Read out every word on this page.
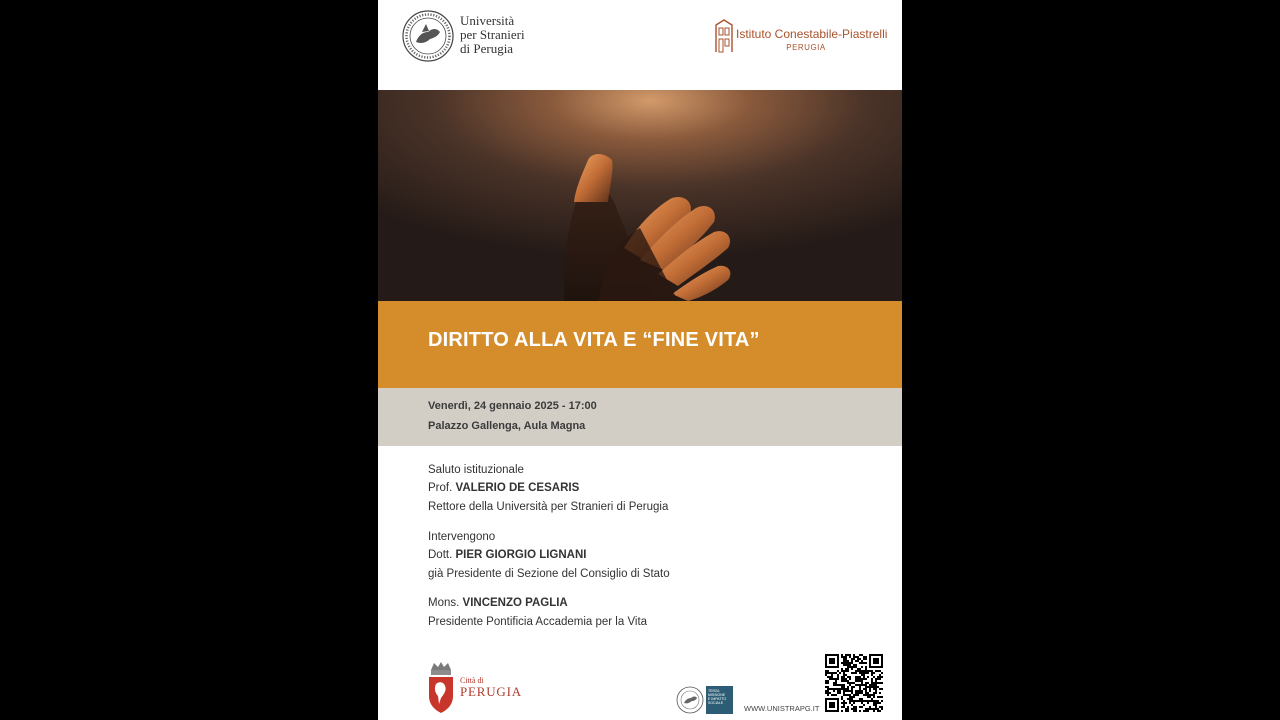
Università
per Stranieri
di Perugia
Istituto Conestabile-Piastrelli
PERUGIA
DIRITTO ALLA VITA E “FINE VITA”
Venerdì, 24 gennaio 2025 - 17:00
Palazzo Gallenga, Aula Magna
Saluto istituzionale
Prof. VALERIO DE CESARIS
Rettore della Università per Stranieri di Perugia
Intervengono
Dott. PIER GIORGIO LIGNANI
già Presidente di Sezione del Consiglio di Stato
Mons. VINCENZO PAGLIA
Presidente Pontificia Accademia per la Vita
Città di
PERUGIA	TERZA
MISSIONE
E IMPATTO
SOCIALE
WWW.UNISTRAPG.IT
